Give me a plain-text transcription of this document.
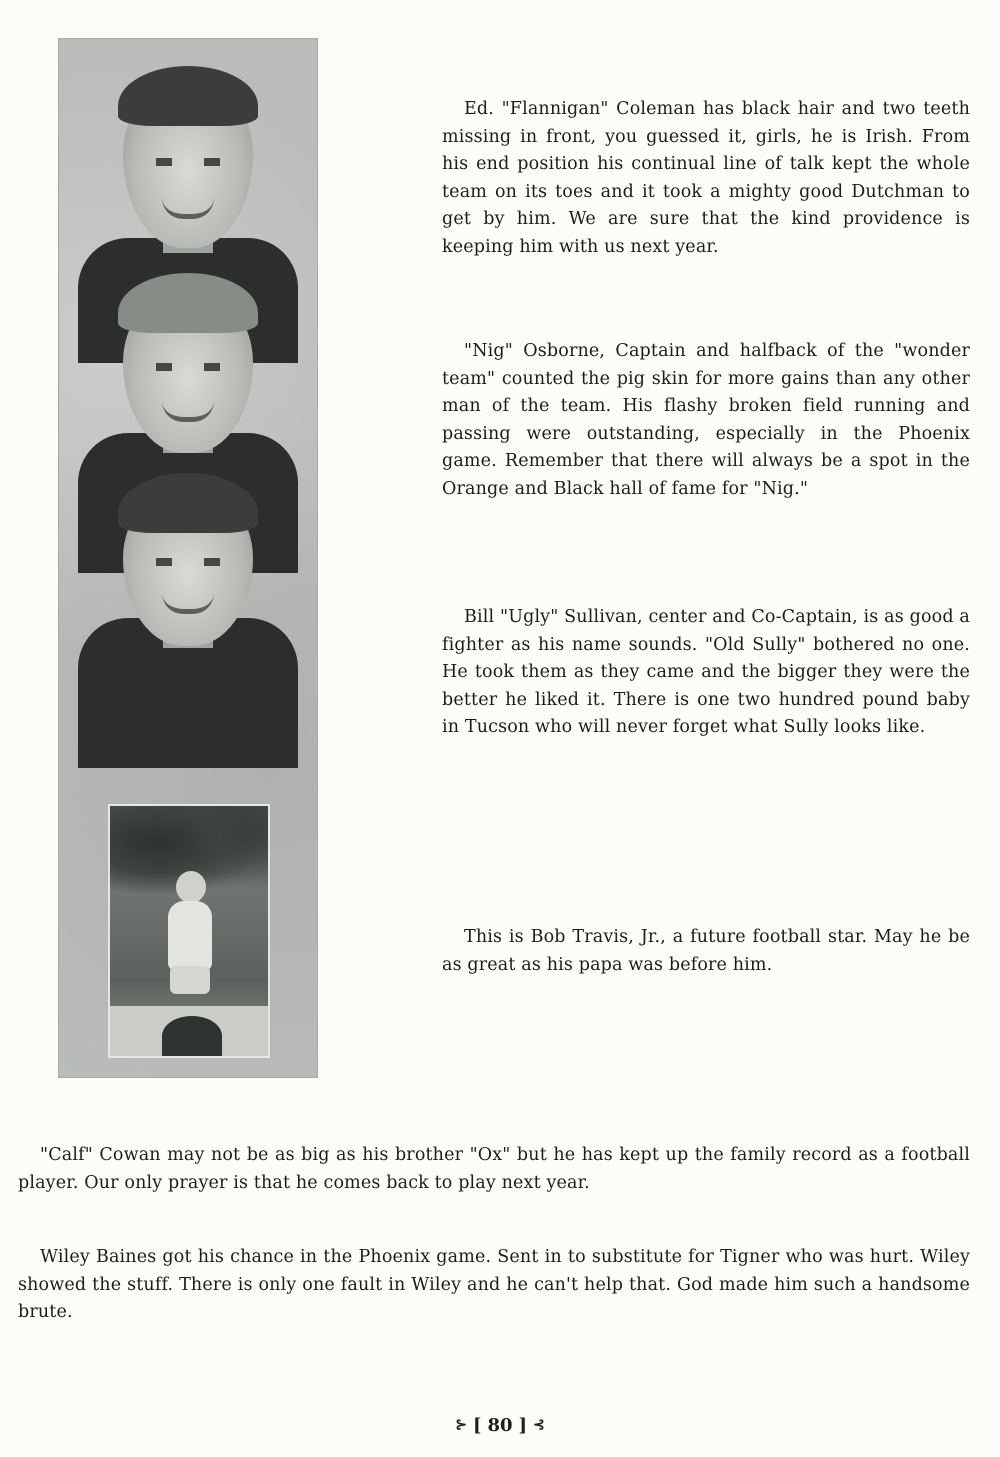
Ed. "Flannigan" Coleman has black hair and two teeth missing in front, you guessed it, girls, he is Irish. From his end position his continual line of talk kept the whole team on its toes and it took a mighty good Dutchman to get by him. We are sure that the kind providence is keeping him with us next year.

"Nig" Osborne, Captain and halfback of the "wonder team" counted the pig skin for more gains than any other man of the team. His flashy broken field running and passing were outstanding, especially in the Phoenix game. Remember that there will always be a spot in the Orange and Black hall of fame for "Nig."

Bill "Ugly" Sullivan, center and Co-Captain, is as good a fighter as his name sounds. "Old Sully" bothered no one. He took them as they came and the bigger they were the better he liked it. There is one two hundred pound baby in Tucson who will never forget what Sully looks like.

This is Bob Travis, Jr., a future football star. May he be as great as his papa was before him.

"Calf" Cowan may not be as big as his brother "Ox" but he has kept up the family record as a football player. Our only prayer is that he comes back to play next year.

Wiley Baines got his chance in the Phoenix game. Sent in to substitute for Tigner who was hurt. Wiley showed the stuff. There is only one fault in Wiley and he can't help that. God made him such a handsome brute.

⊱ [ 80 ] ⊰
